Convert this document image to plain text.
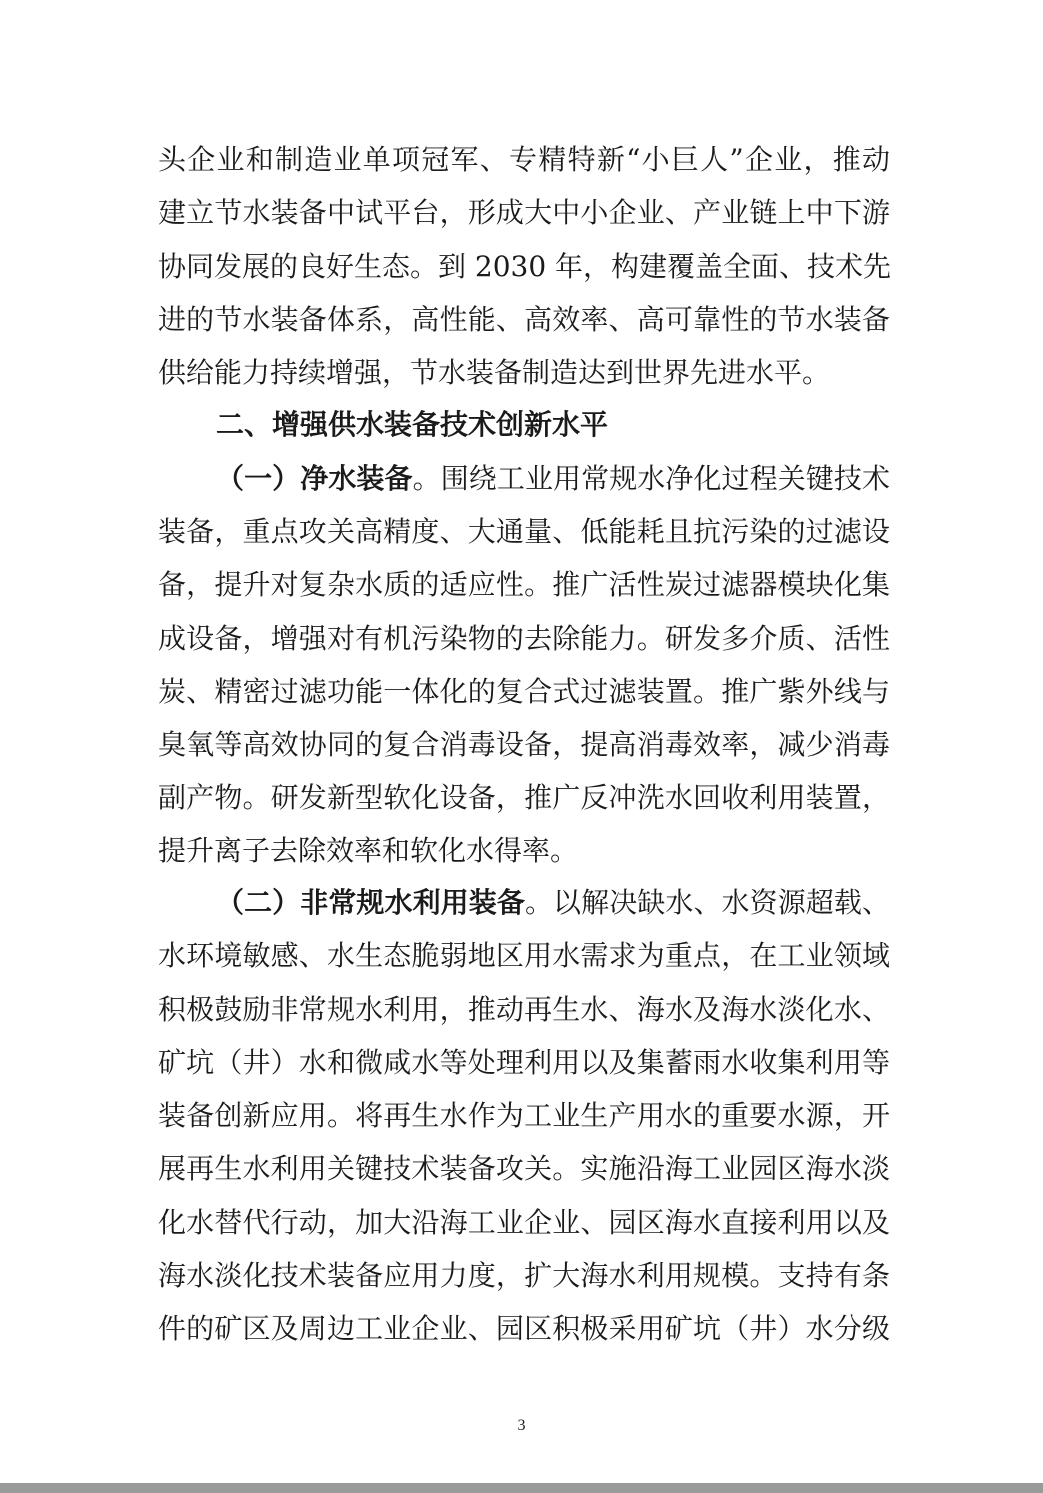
头企业和制造业单项冠军、专精特新“小巨人”企业，推动
建立节水装备中试平台，形成大中小企业、产业链上中下游
协同发展的良好生态。到 2030 年，构建覆盖全面、技术先
进的节水装备体系，高性能、高效率、高可靠性的节水装备
供给能力持续增强，节水装备制造达到世界先进水平。
二、增强供水装备技术创新水平
（一）净水装备。围绕工业用常规水净化过程关键技术
装备，重点攻关高精度、大通量、低能耗且抗污染的过滤设
备，提升对复杂水质的适应性。推广活性炭过滤器模块化集
成设备，增强对有机污染物的去除能力。研发多介质、活性
炭、精密过滤功能一体化的复合式过滤装置。推广紫外线与
臭氧等高效协同的复合消毒设备，提高消毒效率，减少消毒
副产物。研发新型软化设备，推广反冲洗水回收利用装置，
提升离子去除效率和软化水得率。
（二）非常规水利用装备。以解决缺水、水资源超载、
水环境敏感、水生态脆弱地区用水需求为重点，在工业领域
积极鼓励非常规水利用，推动再生水、海水及海水淡化水、
矿坑（井）水和微咸水等处理利用以及集蓄雨水收集利用等
装备创新应用。将再生水作为工业生产用水的重要水源，开
展再生水利用关键技术装备攻关。实施沿海工业园区海水淡
化水替代行动，加大沿海工业企业、园区海水直接利用以及
海水淡化技术装备应用力度，扩大海水利用规模。支持有条
件的矿区及周边工业企业、园区积极采用矿坑（井）水分级
3
